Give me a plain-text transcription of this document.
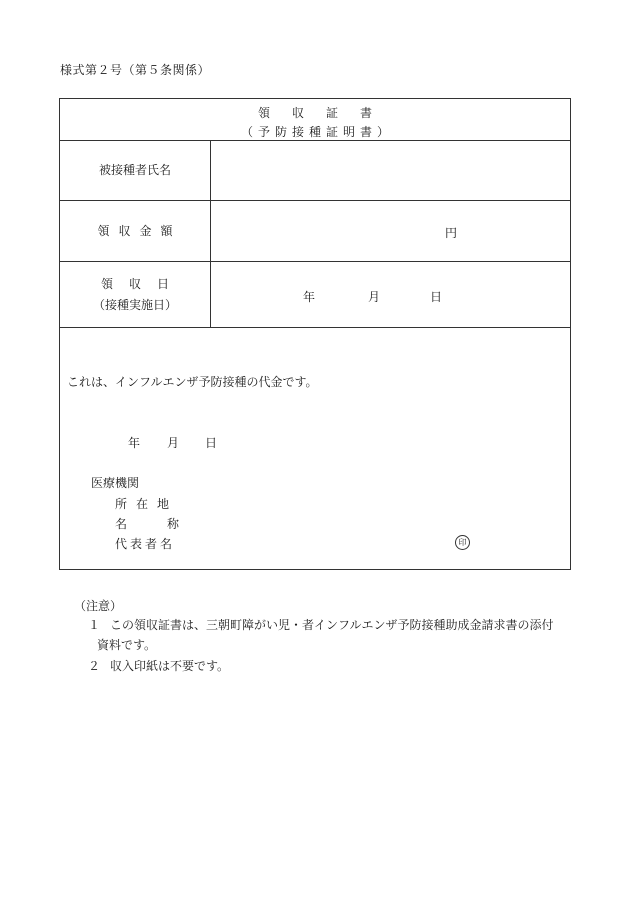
様式第２号（第５条関係）
領収証書
（予防接種証明書）
被接種者氏名
領収金額	円
領収日
（接種実施日）
年	月	日
これは、インフルエンザ予防接種の代金です。
年 月 日
医療機関
所在地
名称
代表者名	印
（注意）
１ この領収証書は、三朝町障がい児・者インフルエンザ予防接種助成金請求書の添付
資料です。
２ 収入印紙は不要です。
